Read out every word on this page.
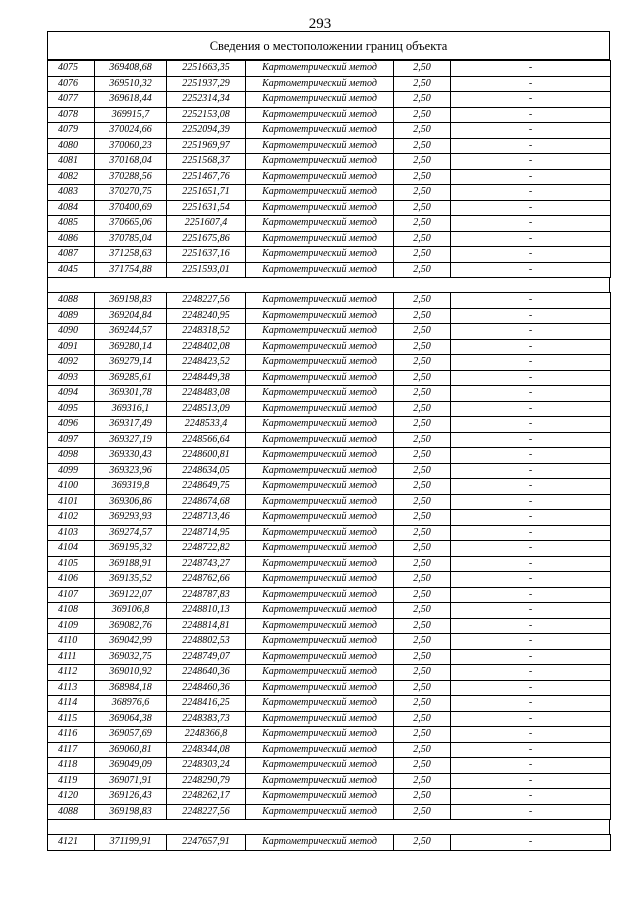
293
Сведения о местоположении границ объекта
4075	369408,68	2251663,35	Картометрический метод	2,50	-
4076	369510,32	2251937,29	Картометрический метод	2,50	-
4077	369618,44	2252314,34	Картометрический метод	2,50	-
4078	369915,7	2252153,08	Картометрический метод	2,50	-
4079	370024,66	2252094,39	Картометрический метод	2,50	-
4080	370060,23	2251969,97	Картометрический метод	2,50	-
4081	370168,04	2251568,37	Картометрический метод	2,50	-
4082	370288,56	2251467,76	Картометрический метод	2,50	-
4083	370270,75	2251651,71	Картометрический метод	2,50	-
4084	370400,69	2251631,54	Картометрический метод	2,50	-
4085	370665,06	2251607,4	Картометрический метод	2,50	-
4086	370785,04	2251675,86	Картометрический метод	2,50	-
4087	371258,63	2251637,16	Картометрический метод	2,50	-
4045	371754,88	2251593,01	Картометрический метод	2,50	-
4088	369198,83	2248227,56	Картометрический метод	2,50	-
4089	369204,84	2248240,95	Картометрический метод	2,50	-
4090	369244,57	2248318,52	Картометрический метод	2,50	-
4091	369280,14	2248402,08	Картометрический метод	2,50	-
4092	369279,14	2248423,52	Картометрический метод	2,50	-
4093	369285,61	2248449,38	Картометрический метод	2,50	-
4094	369301,78	2248483,08	Картометрический метод	2,50	-
4095	369316,1	2248513,09	Картометрический метод	2,50	-
4096	369317,49	2248533,4	Картометрический метод	2,50	-
4097	369327,19	2248566,64	Картометрический метод	2,50	-
4098	369330,43	2248600,81	Картометрический метод	2,50	-
4099	369323,96	2248634,05	Картометрический метод	2,50	-
4100	369319,8	2248649,75	Картометрический метод	2,50	-
4101	369306,86	2248674,68	Картометрический метод	2,50	-
4102	369293,93	2248713,46	Картометрический метод	2,50	-
4103	369274,57	2248714,95	Картометрический метод	2,50	-
4104	369195,32	2248722,82	Картометрический метод	2,50	-
4105	369188,91	2248743,27	Картометрический метод	2,50	-
4106	369135,52	2248762,66	Картометрический метод	2,50	-
4107	369122,07	2248787,83	Картометрический метод	2,50	-
4108	369106,8	2248810,13	Картометрический метод	2,50	-
4109	369082,76	2248814,81	Картометрический метод	2,50	-
4110	369042,99	2248802,53	Картометрический метод	2,50	-
4111	369032,75	2248749,07	Картометрический метод	2,50	-
4112	369010,92	2248640,36	Картометрический метод	2,50	-
4113	368984,18	2248460,36	Картометрический метод	2,50	-
4114	368976,6	2248416,25	Картометрический метод	2,50	-
4115	369064,38	2248383,73	Картометрический метод	2,50	-
4116	369057,69	2248366,8	Картометрический метод	2,50	-
4117	369060,81	2248344,08	Картометрический метод	2,50	-
4118	369049,09	2248303,24	Картометрический метод	2,50	-
4119	369071,91	2248290,79	Картометрический метод	2,50	-
4120	369126,43	2248262,17	Картометрический метод	2,50	-
4088	369198,83	2248227,56	Картометрический метод	2,50	-
4121	371199,91	2247657,91	Картометрический метод	2,50	-
